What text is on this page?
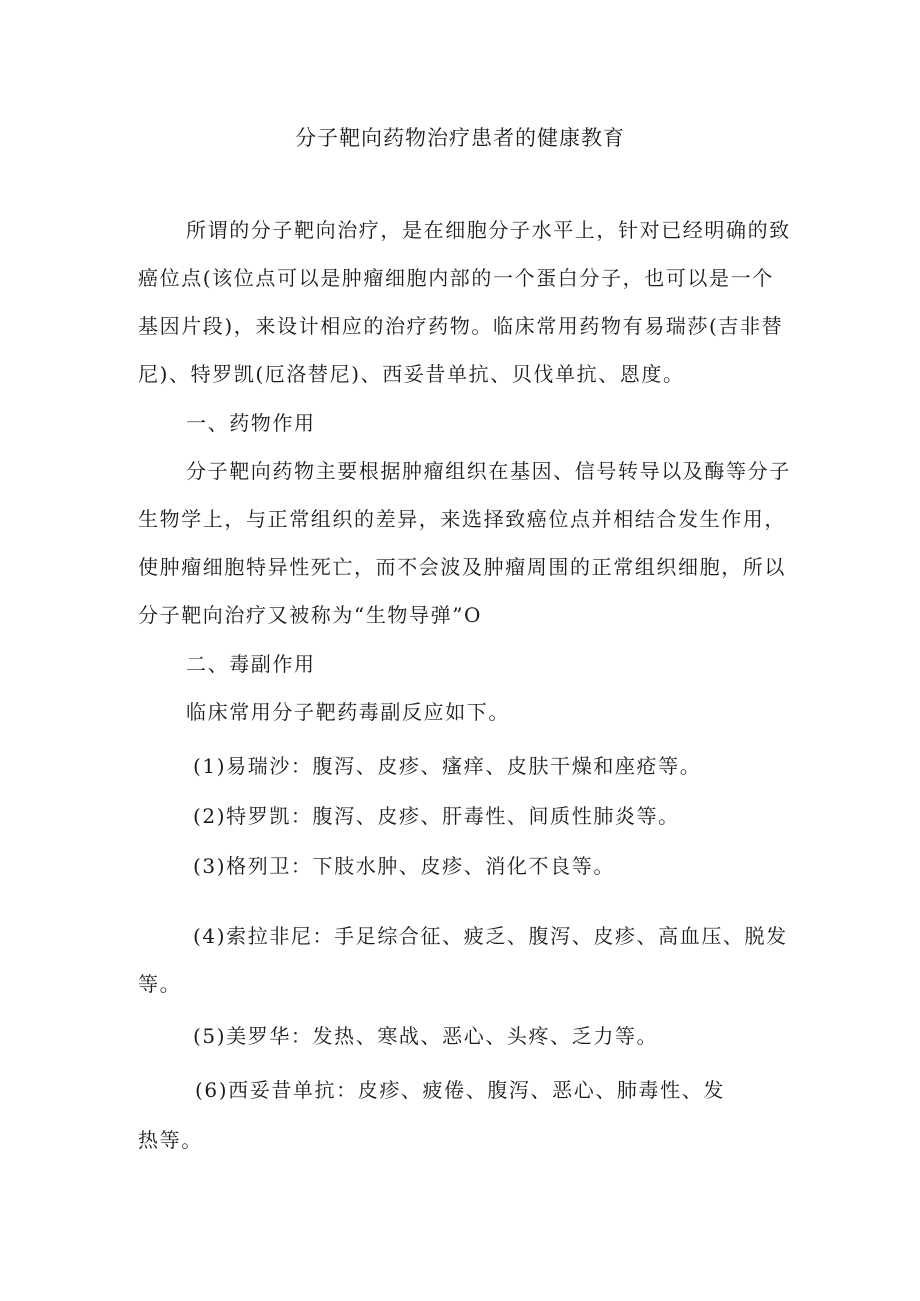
分子靶向药物治疗患者的健康教育
所谓的分子靶向治疗，是在细胞分子水平上，针对已经明确的致
癌位点(该位点可以是肿瘤细胞内部的一个蛋白分子，也可以是一个
基因片段)，来设计相应的治疗药物。临床常用药物有易瑞莎(吉非替
尼)、特罗凯(厄洛替尼)、西妥昔单抗、贝伐单抗、恩度。
一、药物作用
分子靶向药物主要根据肿瘤组织在基因、信号转导以及酶等分子
生物学上，与正常组织的差异，来选择致癌位点并相结合发生作用，
使肿瘤细胞特异性死亡，而不会波及肿瘤周围的正常组织细胞，所以
分子靶向治疗又被称为“生物导弹”O
二、毒副作用
临床常用分子靶药毒副反应如下。
(1)易瑞沙：腹泻、皮疹、瘙痒、皮肤干燥和座疮等。
(2)特罗凯：腹泻、皮疹、肝毒性、间质性肺炎等。
(3)格列卫：下肢水肿、皮疹、消化不良等。
(4)索拉非尼：手足综合征、疲乏、腹泻、皮疹、高血压、脱发
等。
(5)美罗华：发热、寒战、恶心、头疼、乏力等。
(6)西妥昔单抗：皮疹、疲倦、腹泻、恶心、肺毒性、发
热等。
